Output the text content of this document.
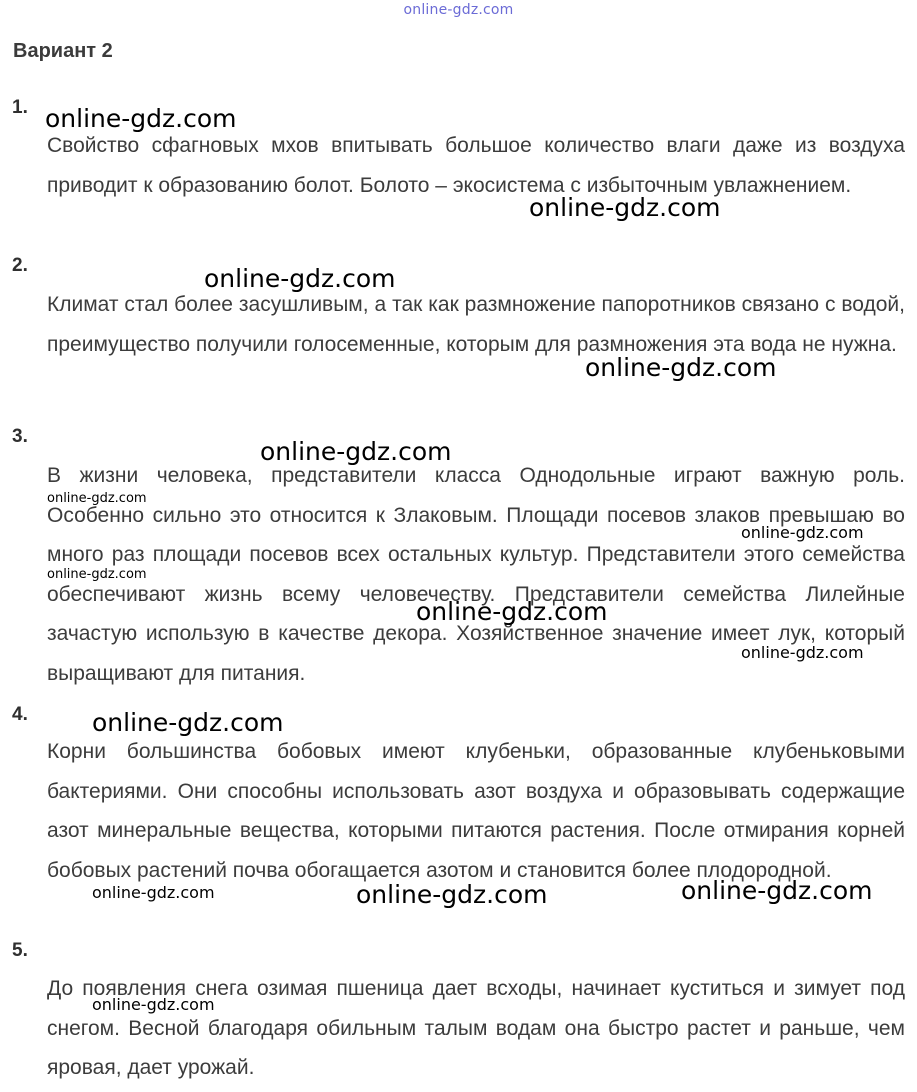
online-gdz.com
Вариант 2
1.

Свойство сфагновых мхов впитывать большое количество влаги даже из воздуха приводит к образованию болот. Болото – экосистема с избыточным увлажнением.

2.

Климат стал более засушливым, а так как размножение папоротников связано с водой, преимущество получили голосеменные, которым для размножения эта вода не нужна.

3.

В жизни человека, представители класса Однодольные играют важную роль. Особенно сильно это относится к Злаковым. Площади посевов злаков превышаю во много раз площади посевов всех остальных культур. Представители этого семейства обеспечивают жизнь всему человечеству. Представители семейства Лилейные зачастую использую в качестве декора. Хозяйственное значение имеет лук, который выращивают для питания.

4.

Корни большинства бобовых имеют клубеньки, образованные клубеньковыми бактериями. Они способны использовать азот воздуха и образовывать содержащие азот минеральные вещества, которыми питаются растения. После отмирания корней бобовых растений почва обогащается азотом и становится более плодородной.

5.

До появления снега озимая пшеница дает всходы, начинает куститься и зимует под снегом. Весной благодаря обильным талым водам она быстро растет и раньше, чем яровая, дает урожай.

online-gdz.com
online-gdz.com
online-gdz.com
online-gdz.com
online-gdz.com
online-gdz.com
online-gdz.com
online-gdz.com
online-gdz.com
online-gdz.com
online-gdz.com
online-gdz.com	online-gdz.com	online-gdz.com
online-gdz.com
